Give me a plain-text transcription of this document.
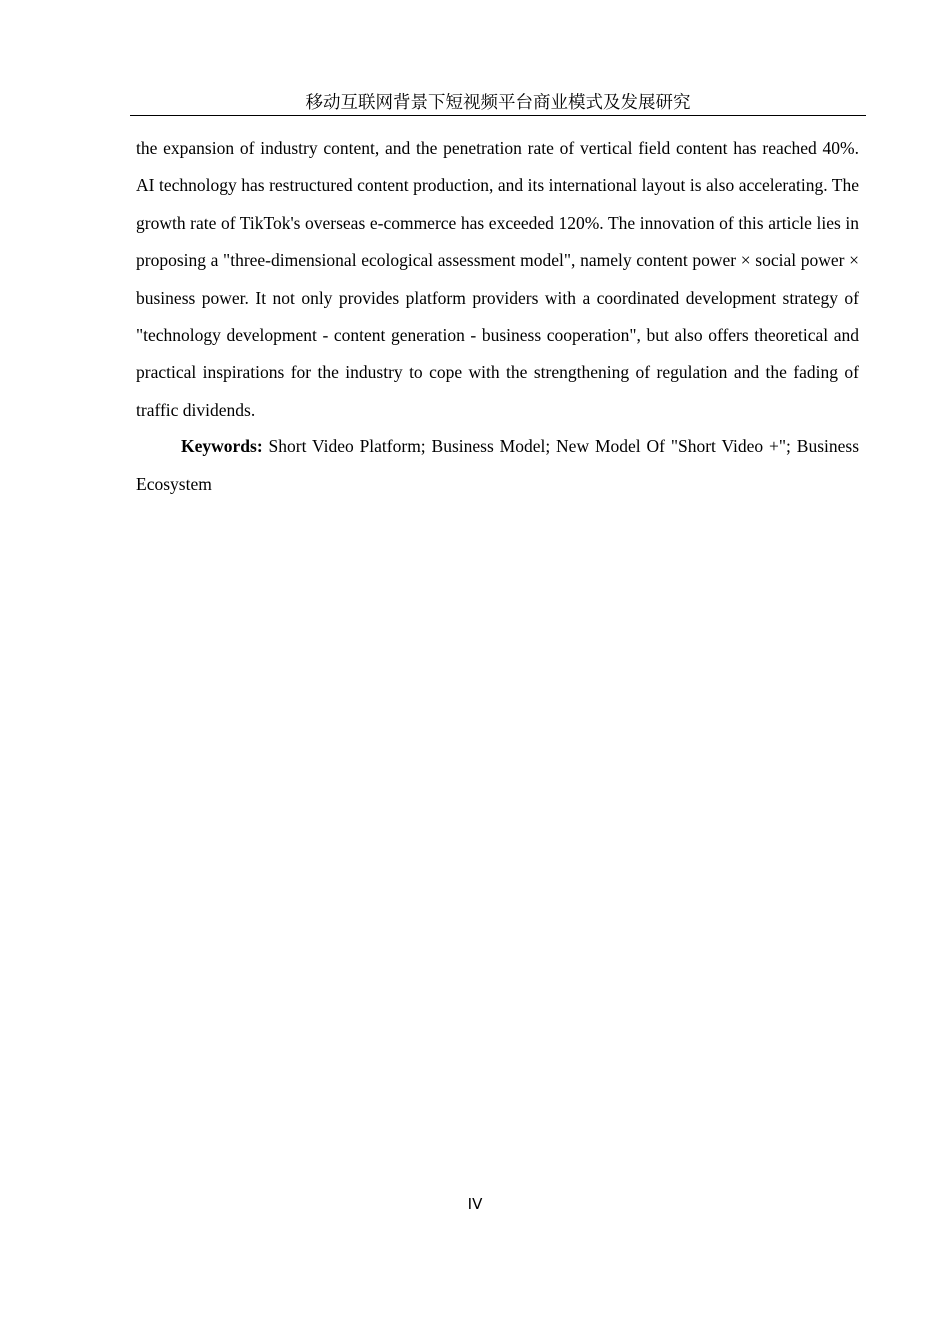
移动互联网背景下短视频平台商业模式及发展研究

the expansion of industry content, and the penetration rate of vertical field content has reached 40%. AI technology has restructured content production, and its international layout is also accelerating. The growth rate of TikTok's overseas e-commerce has exceeded 120%. The innovation of this article lies in proposing a "three-dimensional ecological assessment model", namely content power × social power × business power. It not only provides platform providers with a coordinated development strategy of "technology development - content generation - business cooperation", but also offers theoretical and practical inspirations for the industry to cope with the strengthening of regulation and the fading of traffic dividends.

Keywords: Short Video Platform; Business Model; New Model Of "Short Video +"; Business Ecosystem

IV
